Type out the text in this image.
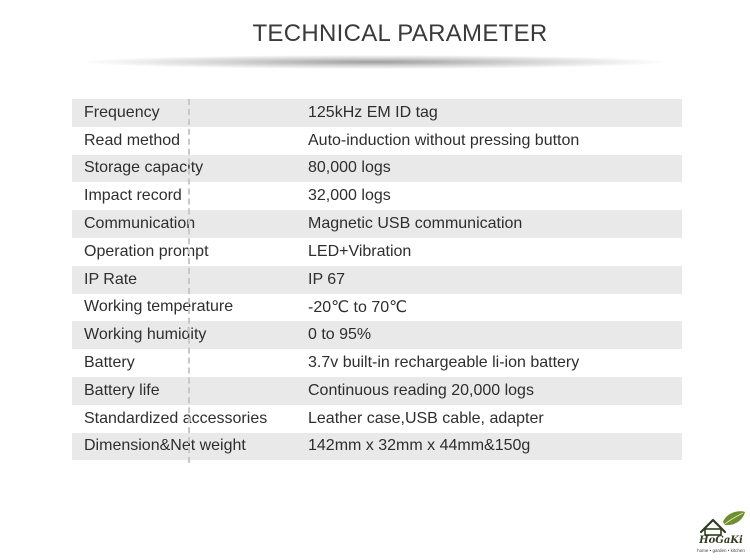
TECHNICAL PARAMETER
Frequency	125kHz EM ID tag
Read method	Auto-induction without pressing button
Storage capacity	80,000 logs
Impact record	32,000 logs
Communication	Magnetic USB communication
Operation prompt	LED+Vibration
IP Rate	IP 67
Working temperature	-20℃ to 70℃
Working humidity	0 to 95%
Battery	3.7v built-in rechargeable li-ion battery
Battery life	Continuous reading 20,000 logs
Standardized accessories	Leather case,USB cable, adapter
Dimension&Net weight	142mm x 32mm x 44mm&150g
HoGaKi
home • garden • kitchen
